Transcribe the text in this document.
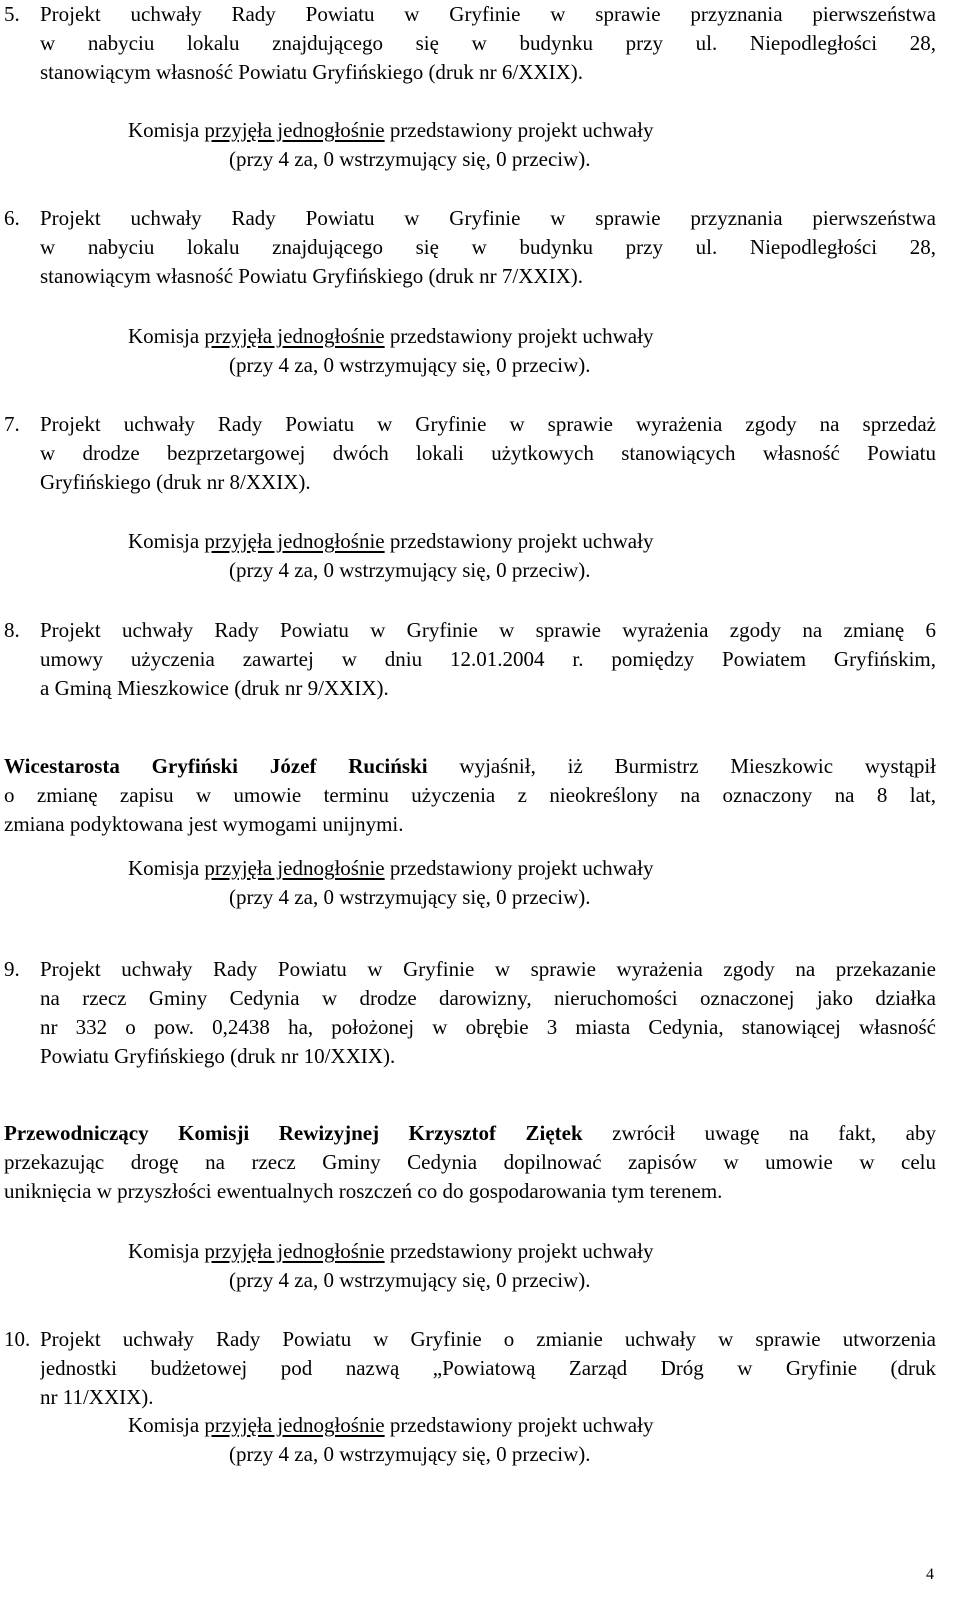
5. Projekt uchwały Rady Powiatu w Gryfinie w sprawie przyznania pierwszeństwa
w nabyciu lokalu znajdującego się w budynku przy ul. Niepodległości 28,
stanowiącym własność Powiatu Gryfińskiego (druk nr 6/XXIX).
Komisja przyjęła jednogłośnie przedstawiony projekt uchwały
(przy 4 za, 0 wstrzymujący się, 0 przeciw).
6. Projekt uchwały Rady Powiatu w Gryfinie w sprawie przyznania pierwszeństwa
w nabyciu lokalu znajdującego się w budynku przy ul. Niepodległości 28,
stanowiącym własność Powiatu Gryfińskiego (druk nr 7/XXIX).
Komisja przyjęła jednogłośnie przedstawiony projekt uchwały
(przy 4 za, 0 wstrzymujący się, 0 przeciw).
7. Projekt uchwały Rady Powiatu w Gryfinie w sprawie wyrażenia zgody na sprzedaż
w drodze bezprzetargowej dwóch lokali użytkowych stanowiących własność Powiatu
Gryfińskiego (druk nr 8/XXIX).
Komisja przyjęła jednogłośnie przedstawiony projekt uchwały
(przy 4 za, 0 wstrzymujący się, 0 przeciw).
8. Projekt uchwały Rady Powiatu w Gryfinie w sprawie wyrażenia zgody na zmianę 6
umowy użyczenia zawartej w dniu 12.01.2004 r. pomiędzy Powiatem Gryfińskim,
a Gminą Mieszkowice (druk nr 9/XXIX).
Wicestarosta Gryfiński Józef Ruciński wyjaśnił, iż Burmistrz Mieszkowic wystąpił
o zmianę zapisu w umowie terminu użyczenia z nieokreślony na oznaczony na 8 lat,
zmiana podyktowana jest wymogami unijnymi.
Komisja przyjęła jednogłośnie przedstawiony projekt uchwały
(przy 4 za, 0 wstrzymujący się, 0 przeciw).
9. Projekt uchwały Rady Powiatu w Gryfinie w sprawie wyrażenia zgody na przekazanie
na rzecz Gminy Cedynia w drodze darowizny, nieruchomości oznaczonej jako działka
nr 332 o pow. 0,2438 ha, położonej w obrębie 3 miasta Cedynia, stanowiącej własność
Powiatu Gryfińskiego (druk nr 10/XXIX).
Przewodniczący Komisji Rewizyjnej Krzysztof Ziętek zwrócił uwagę na fakt, aby
przekazując drogę na rzecz Gminy Cedynia dopilnować zapisów w umowie w celu
uniknięcia w przyszłości ewentualnych roszczeń co do gospodarowania tym terenem.
Komisja przyjęła jednogłośnie przedstawiony projekt uchwały
(przy 4 za, 0 wstrzymujący się, 0 przeciw).
10. Projekt uchwały Rady Powiatu w Gryfinie o zmianie uchwały w sprawie utworzenia
jednostki budżetowej pod nazwą „Powiatową Zarząd Dróg w Gryfinie (druk
nr 11/XXIX).
Komisja przyjęła jednogłośnie przedstawiony projekt uchwały
(przy 4 za, 0 wstrzymujący się, 0 przeciw).
4
